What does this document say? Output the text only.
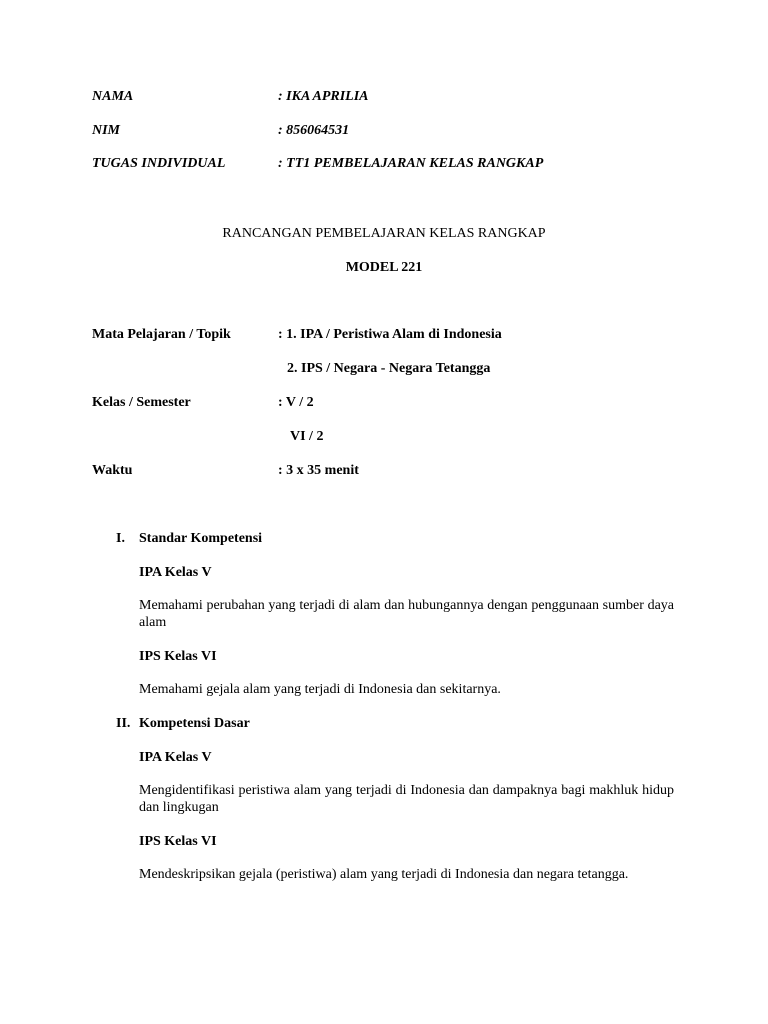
NAMA	: IKA APRILIA
NIM	: 856064531
TUGAS INDIVIDUAL	: TT1 PEMBELAJARAN KELAS RANGKAP
RANCANGAN PEMBELAJARAN KELAS RANGKAP
MODEL 221
Mata Pelajaran / Topik	: 1. IPA / Peristiwa Alam di Indonesia
2. IPS / Negara - Negara Tetangga
Kelas / Semester	: V / 2
VI / 2
Waktu	: 3 x 35 menit
I. Standar Kompetensi
IPA Kelas V
Memahami perubahan yang terjadi di alam dan hubungannya dengan penggunaan sumber daya alam
IPS Kelas VI
Memahami gejala alam yang terjadi di Indonesia dan sekitarnya.
II. Kompetensi Dasar
IPA Kelas V
Mengidentifikasi peristiwa alam yang terjadi di Indonesia dan dampaknya bagi makhluk hidup dan lingkugan
IPS Kelas VI
Mendeskripsikan gejala (peristiwa) alam yang terjadi di Indonesia dan negara tetangga.
